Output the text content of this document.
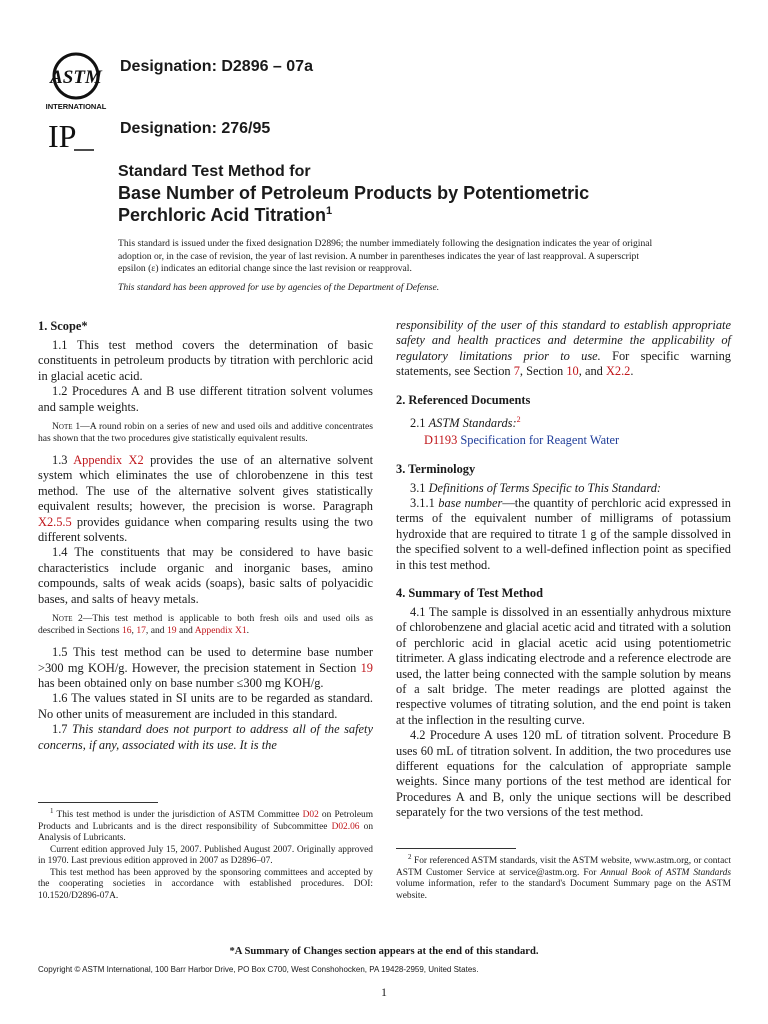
ASTM
INTERNATIONAL
IP
Designation: D2896 – 07a
Designation: 276/95
Standard Test Method for
Base Number of Petroleum Products by Potentiometric
Perchloric Acid Titration$^1$

This standard is issued under the fixed designation D2896; the number immediately following the designation indicates the year of original adoption or, in the case of revision, the year of last revision. A number in parentheses indicates the year of last reapproval. A superscript epsilon (ε) indicates an editorial change since the last revision or reapproval.

This standard has been approved for use by agencies of the Department of Defense.

1. Scope*

1.1 This test method covers the determination of basic constituents in petroleum products by titration with perchloric acid in glacial acetic acid.

1.2 Procedures A and B use different titration solvent volumes and sample weights.

Note 1—A round robin on a series of new and used oils and additive concentrates has shown that the two procedures give statistically equivalent results.

1.3 Appendix X2 provides the use of an alternative solvent system which eliminates the use of chlorobenzene in this test method. The use of the alternative solvent gives statistically equivalent results; however, the precision is worse. Paragraph X2.5.5 provides guidance when comparing results using the two different solvents.

1.4 The constituents that may be considered to have basic characteristics include organic and inorganic bases, amino compounds, salts of weak acids (soaps), basic salts of polyacidic bases, and salts of heavy metals.

Note 2—This test method is applicable to both fresh oils and used oils as described in Sections 16, 17, and 19 and Appendix X1.

1.5 This test method can be used to determine base number >300 mg KOH/g. However, the precision statement in Section 19 has been obtained only on base number ≤300 mg KOH/g.

1.6 The values stated in SI units are to be regarded as standard. No other units of measurement are included in this standard.

1.7 This standard does not purport to address all of the safety concerns, if any, associated with its use. It is the

responsibility of the user of this standard to establish appropriate safety and health practices and determine the applicability of regulatory limitations prior to use. For specific warning statements, see Section 7, Section 10, and X2.2.

2. Referenced Documents

2.1 ASTM Standards:$^2$

D1193 Specification for Reagent Water

3. Terminology

3.1 Definitions of Terms Specific to This Standard:

3.1.1 base number—the quantity of perchloric acid expressed in terms of the equivalent number of milligrams of potassium hydroxide that are required to titrate 1 g of the sample dissolved in the specified solvent to a well-defined inflection point as specified in this test method.

4. Summary of Test Method

4.1 The sample is dissolved in an essentially anhydrous mixture of chlorobenzene and glacial acetic acid and titrated with a solution of perchloric acid in glacial acetic acid using potentiometric titrimeter. A glass indicating electrode and a reference electrode are used, the latter being connected with the sample solution by means of a salt bridge. The meter readings are plotted against the respective volumes of titrating solution, and the end point is taken at the inflection in the resulting curve.

4.2 Procedure A uses 120 mL of titration solvent. Procedure B uses 60 mL of titration solvent. In addition, the two procedures use different equations for the calculation of appropriate sample weights. Since many portions of the test method are identical for Procedures A and B, only the unique sections will be described separately for the two versions of the test method.

$^1$ This test method is under the jurisdiction of ASTM Committee D02 on Petroleum Products and Lubricants and is the direct responsibility of Subcommittee D02.06 on Analysis of Lubricants.

Current edition approved July 15, 2007. Published August 2007. Originally approved in 1970. Last previous edition approved in 2007 as D2896–07.

This test method has been approved by the sponsoring committees and accepted by the cooperating societies in accordance with established procedures. DOI: 10.1520/D2896-07A.

$^2$ For referenced ASTM standards, visit the ASTM website, www.astm.org, or contact ASTM Customer Service at service@astm.org. For Annual Book of ASTM Standards volume information, refer to the standard's Document Summary page on the ASTM website.

*A Summary of Changes section appears at the end of this standard.
Copyright © ASTM International, 100 Barr Harbor Drive, PO Box C700, West Conshohocken, PA 19428-2959, United States.
1
